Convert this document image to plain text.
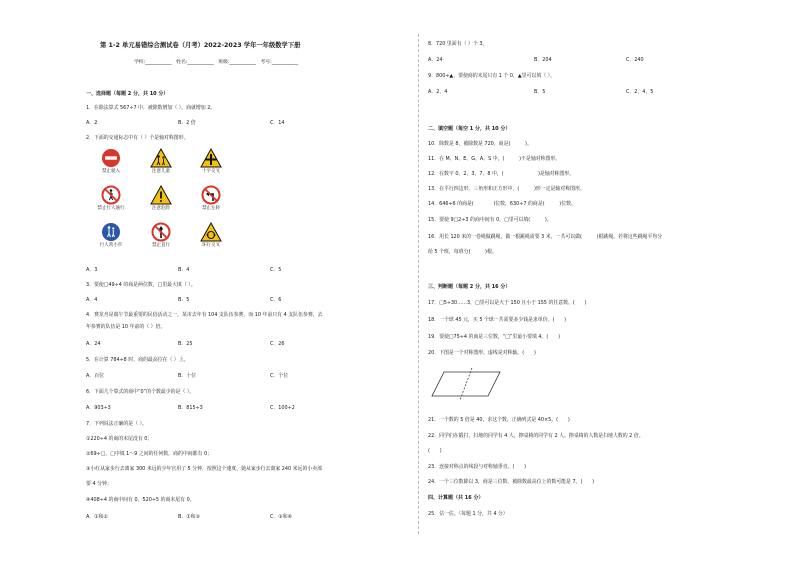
第 1-2 单元易错综合测试卷（月考）2022-2023 学年一年级数学下册
学校:___________ 姓名:___________ 班级:___________ 考号:___________
一、选择题（每题 2 分，共 10 分）
1．在除法算式 567÷7 中，被除数增加（ ），商就增加 2。
A．2	B．2 倍	C．14
2．下面的交通标志中有（ ）个是轴对称图形。
禁止驶入	注意儿童	十字交叉
禁止行人通行	注意危险	禁止左转
行人常小步	禁止直行	环行交叉
A．3	B．4	C．5
3．要使□49÷4 的商是两位数，□里最大填（ ）。
A．4	B．5	C．6
4．赛龙舟是端午节最重要的民俗活动之一，某市去年有 104 支队伍参赛，而 10 年前只有 4 支队伍参赛，去
年参赛的队伍是 10 年前的（ ）倍。
A．24	B．25	C．26
5．在计算 784÷8 时，商的最高位在（ ）上。
A．百位	B．十位	C．个位
6．下面几个算式的商中“0”的个数最少的是（ ）。
A．903÷3	B．815÷3	C．100÷2
7．下列说法正确的是（ ）。
①220÷4 的商的末尾没有 0；
②69÷□，□中填 1～9 之间的任何数，商的中间都有 0；
③小红从家步行去离家 300 米远的少年宫用了 5 分钟，按照这个速度，她从家步行去离家 240 米远的小卖部
要 4 分钟；
④408÷4 的商中间有 0，520÷5 的商末尾有 0。
A．①和②	B．①和③	C．③和④
8．720 里面有（ ）个 3。
A．24	B．204	C．240
9．800÷▲，要使商的末尾只有 1 个 0，▲里可以填（ ）。
A．2，4	B．5	C．2，4，5
二、填空题（每空 1 分，共 10 分）
10．除数是 8，被除数是 720，商是(　　　)。
11．在 M、N、E、G、A、S 中，(　　　)不是轴对称图形。
12．在数字 0、2、3、7、8 中，(　　　　　　　)是轴对称图形。
13．在平行四边形、三角形和正方形中，(　　　)形一定是轴对称图形。
14．646÷6 的商是(　　　　)位数，630÷7 的商是(　　　)位数。
15．要使 9□2÷3 的商中间有 0，□里可以填(　　　)。
16．用长 120 米的一卷绳做跳绳，做一根跳绳需要 3 米，一共可以做(　　　)根跳绳。若将这些跳绳平均分
给 5 个班，每班分(　　　)根。
三、判断题（每题 2 分，共 16 分）
17．□5÷30……3，□里可以是大于 150 且小于 155 的任意数。(　　)
18．一个球 45 元，买 5 个球一共需要多少钱是求单价。(　　)
19．要使□75÷4 的商是三位数，“□”里最小要填 4。(　　)
20．下图是一个对称图形，虚线是对称轴。(　　)
21．一个数的 5 倍是 40，求这个数，正确列式是 40×5。(　　)
22．同学们在锻打，扫地的同学有 4 人，擦桌椅的同学有 2 人。擦桌椅的人数是扫地人数的 2 倍。
(　　)
23．连接对称点的线段与对称轴垂直。(　　)
24．一个三位数除以 3，商是三位数，被除数最高位上的数可能是 7。(　　)
四、计算题（共 16 分）
25．估一估。（每题 1 分，共 4 分）
